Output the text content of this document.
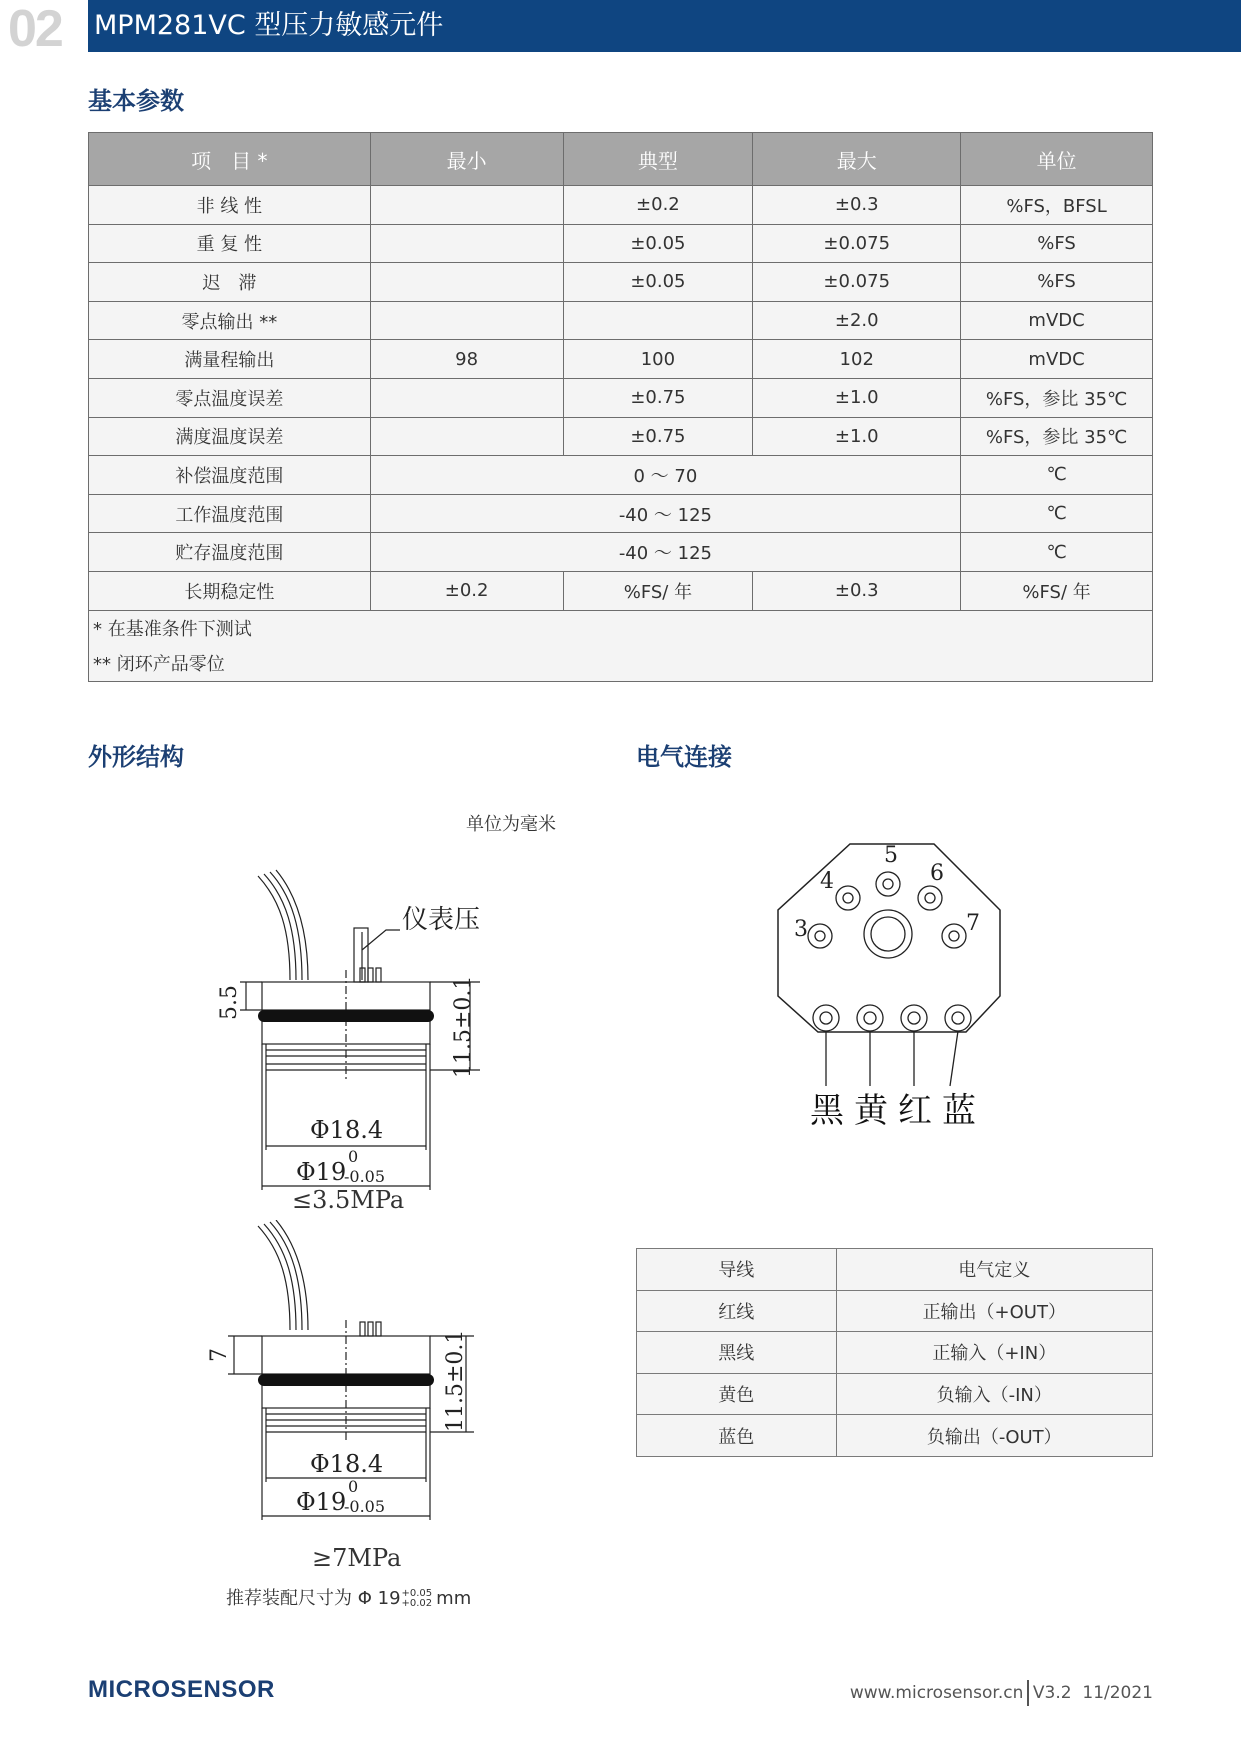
02 MPM281VC 型压力敏感元件
基本参数
项　目 *	最小	典型	最大	单位
非 线 性		±0.2	±0.3	%FS，BFSL
重 复 性		±0.05	±0.075	%FS
迟　滞		±0.05	±0.075	%FS
零点输出 **			±2.0	mVDC
满量程输出	98	100	102	mVDC
零点温度误差		±0.75	±1.0	%FS，参比 35℃
满度温度误差		±0.75	±1.0	%FS，参比 35℃
补偿温度范围	0 ～ 70			℃
工作温度范围	-40 ～ 125			℃
贮存温度范围	-40 ～ 125			℃
长期稳定性	±0.2	%FS/ 年	±0.3	%FS/ 年
* 在基准条件下测试				
** 闭环产品零位				
外形结构	电气连接
单位为毫米
仪表压
5.5	11.5±0.1
Φ18.4
Φ19
0
-0.05
≤3.5MPa
7	11.5±0.1
Φ18.4
Φ19
0
-0.05
≥7MPa
推荐装配尺寸为 Φ 19 +0.05
+0.02 mm
3
4
5
6
7
黑 黄 红 蓝
导线	电气定义
红线	正输出（+OUT）
黑线	正输入（+IN）
黄色	负输入（-IN）
蓝色	负输出（-OUT）
MICROSENSOR	www.microsensor.cn V3.2 11/2021
